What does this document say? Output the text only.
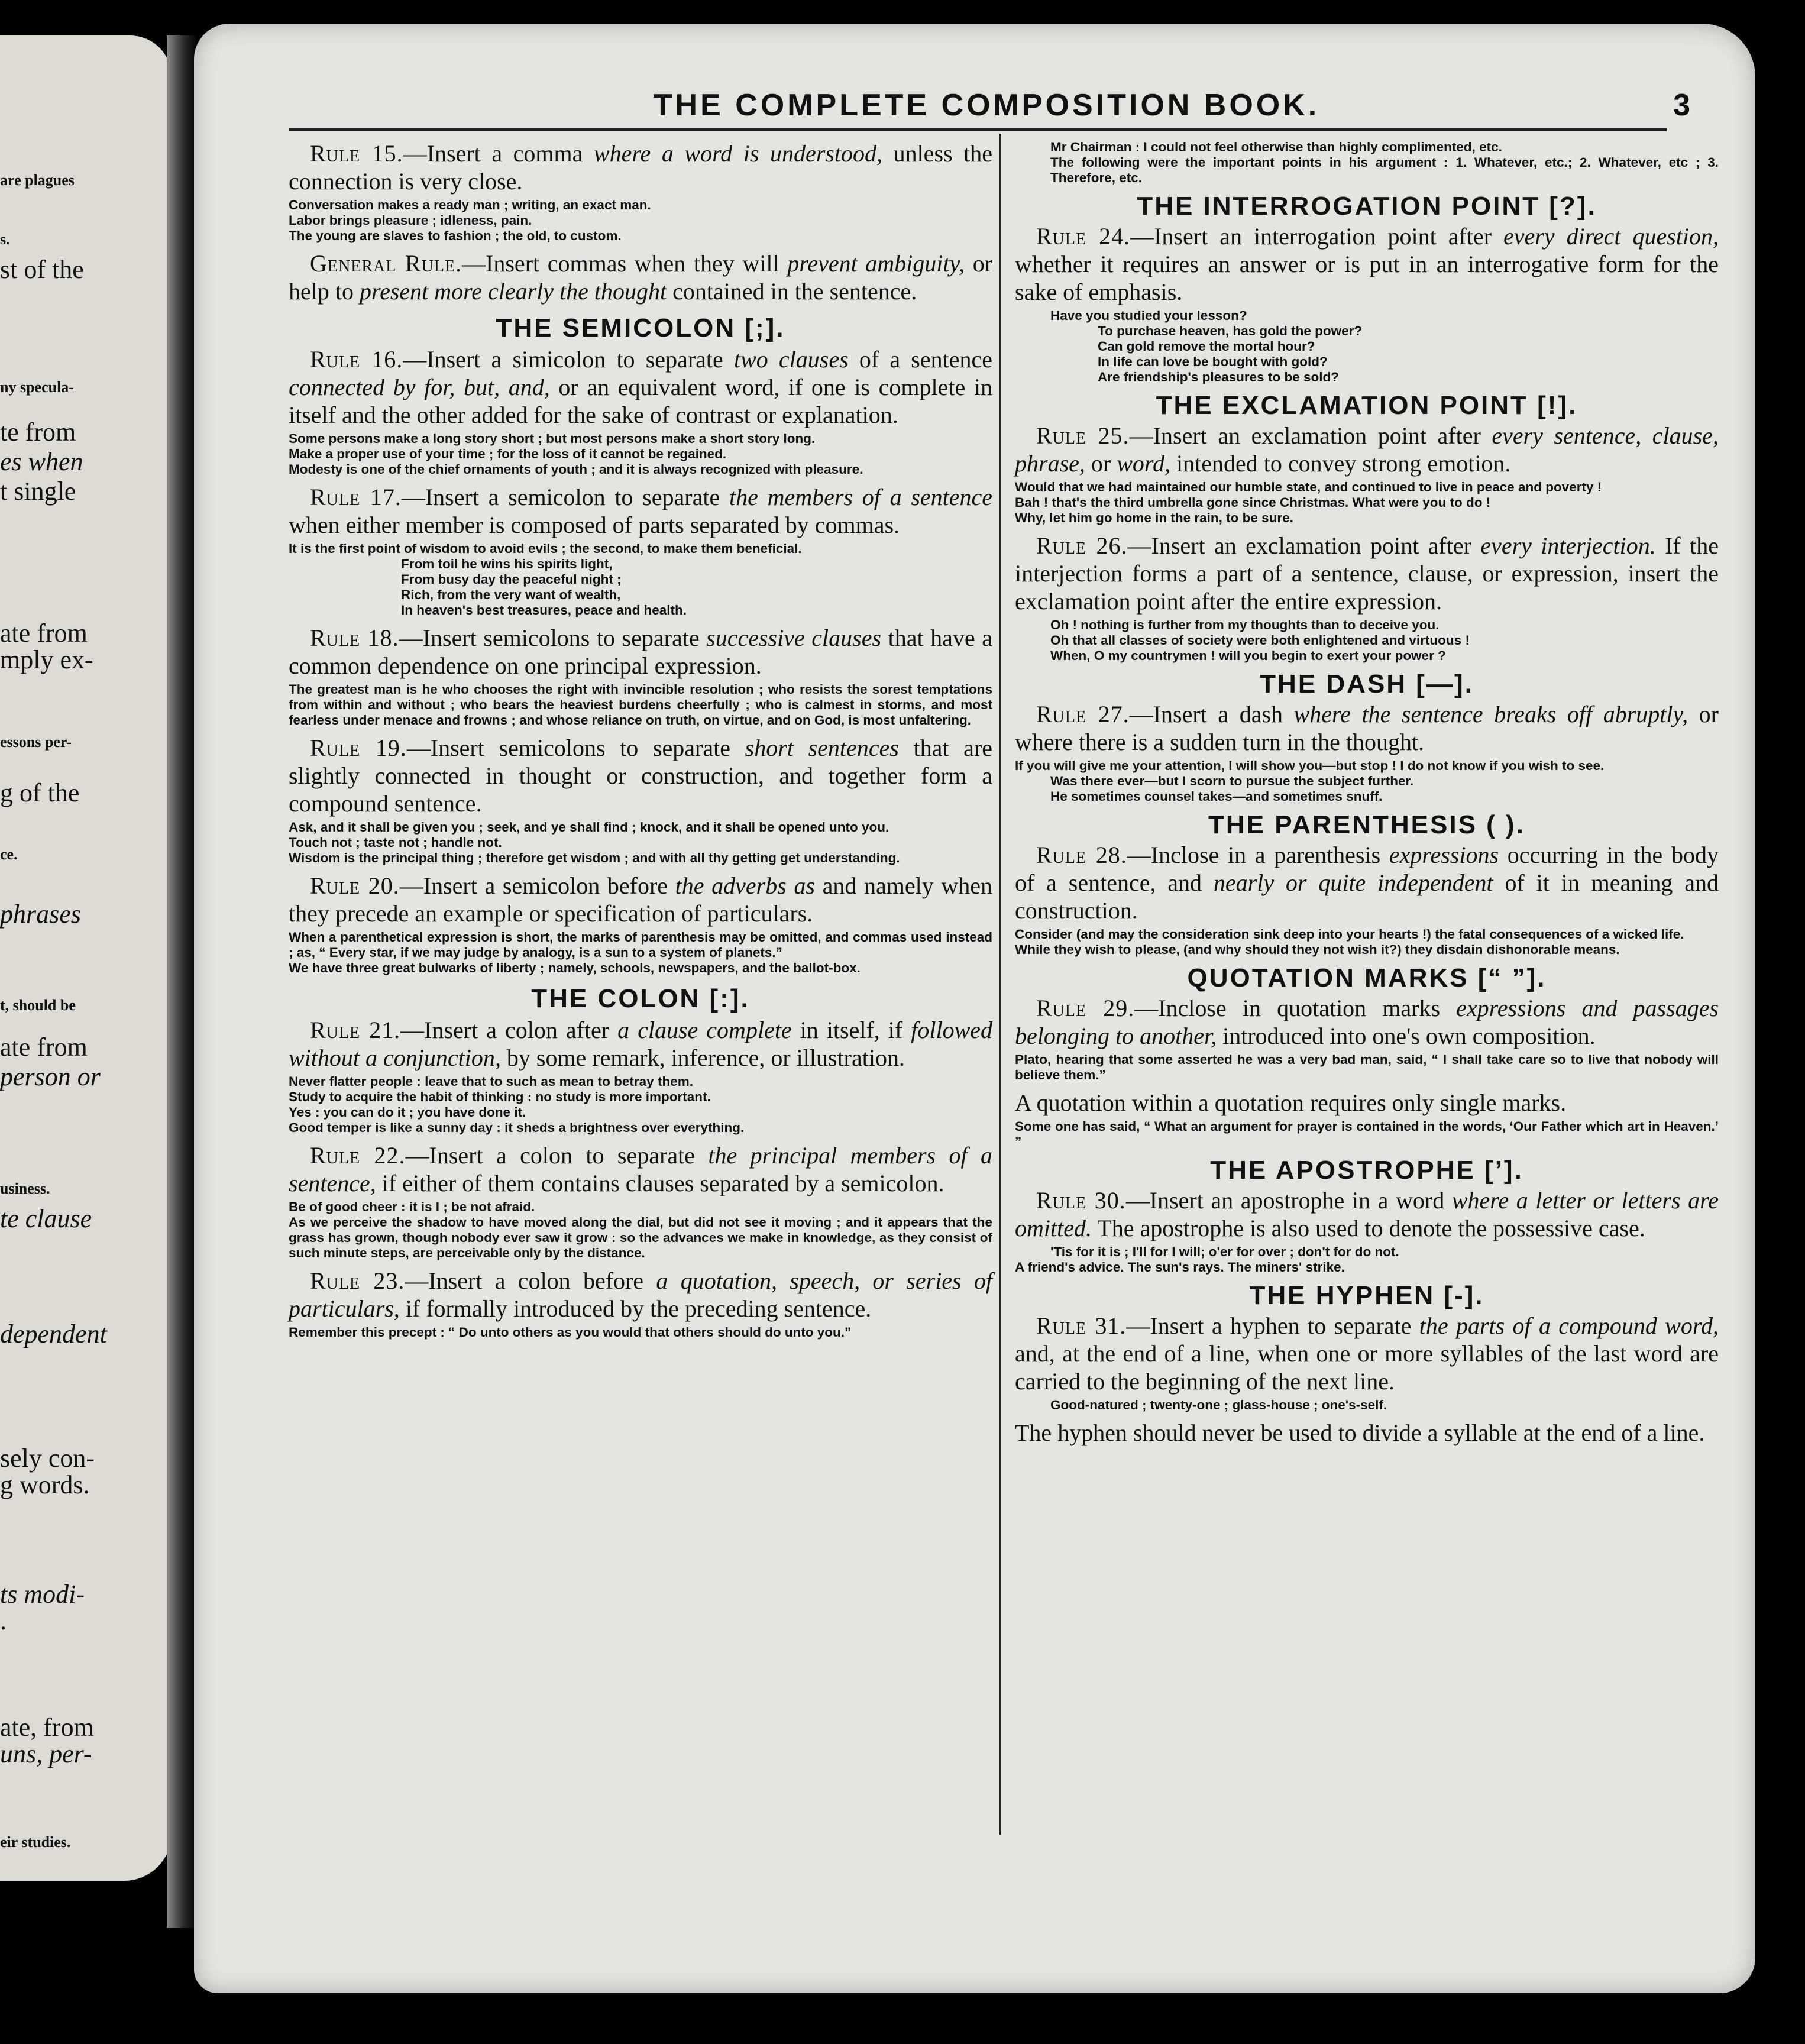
are plagues
s.
st of the
ny specula-
te from
es when
t single
ate from
mply ex-
essons per-
g of the
ce.
phrases
t, should be
ate from
person or
usiness.
te clause
dependent
sely con-
g words.
ts modi-
.
ate, from
uns, per-
eir studies.
THE COMPLETE COMPOSITION BOOK.	3

Rule 15.—Insert a comma where a word is understood, unless the connection is very close.

Conversation makes a ready man ; writing, an exact man.

Labor brings pleasure ; idleness, pain.

The young are slaves to fashion ; the old, to custom.

General Rule.—Insert commas when they will prevent ambiguity, or help to present more clearly the thought contained in the sentence.

THE SEMICOLON [;].

Rule 16.—Insert a simicolon to separate two clauses of a sentence connected by for, but, and, or an equivalent word, if one is complete in itself and the other added for the sake of contrast or explanation.

Some persons make a long story short ; but most persons make a short story long.

Make a proper use of your time ; for the loss of it cannot be regained.

Modesty is one of the chief ornaments of youth ; and it is always recognized with pleasure.

Rule 17.—Insert a semicolon to separate the members of a sentence when either member is composed of parts separated by commas.

It is the first point of wisdom to avoid evils ; the second, to make them beneficial.

From toil he wins his spirits light,

From busy day the peaceful night ;

Rich, from the very want of wealth,

In heaven's best treasures, peace and health.

Rule 18.—Insert semicolons to separate successive clauses that have a common dependence on one principal expression.

The greatest man is he who chooses the right with invincible resolution ; who resists the sorest temptations from within and without ; who bears the heaviest burdens cheerfully ; who is calmest in storms, and most fearless under menace and frowns ; and whose reliance on truth, on virtue, and on God, is most unfaltering.

Rule 19.—Insert semicolons to separate short sentences that are slightly connected in thought or construction, and together form a compound sentence.

Ask, and it shall be given you ; seek, and ye shall find ; knock, and it shall be opened unto you.

Touch not ; taste not ; handle not.

Wisdom is the principal thing ; therefore get wisdom ; and with all thy getting get understanding.

Rule 20.—Insert a semicolon before the adverbs as and namely when they precede an example or specification of particulars.

When a parenthetical expression is short, the marks of parenthesis may be omitted, and commas used instead ; as, “ Every star, if we may judge by analogy, is a sun to a system of planets.”

We have three great bulwarks of liberty ; namely, schools, newspapers, and the ballot-box.

THE COLON [:].

Rule 21.—Insert a colon after a clause complete in itself, if followed without a conjunction, by some remark, inference, or illustration.

Never flatter people : leave that to such as mean to betray them.

Study to acquire the habit of thinking : no study is more important.

Yes : you can do it ; you have done it.

Good temper is like a sunny day : it sheds a brightness over everything.

Rule 22.—Insert a colon to separate the principal members of a sentence, if either of them contains clauses separated by a semicolon.

Be of good cheer : it is I ; be not afraid.

As we perceive the shadow to have moved along the dial, but did not see it moving ; and it appears that the grass has grown, though nobody ever saw it grow : so the advances we make in knowledge, as they consist of such minute steps, are perceivable only by the distance.

Rule 23.—Insert a colon before a quotation, speech, or series of particulars, if formally introduced by the preceding sentence.

Remember this precept : “ Do unto others as you would that others should do unto you.”

Mr Chairman : I could not feel otherwise than highly complimented, etc.

The following were the important points in his argument : 1. Whatever, etc.; 2. Whatever, etc ; 3. Therefore, etc.

THE INTERROGATION POINT [?].

Rule 24.—Insert an interrogation point after every direct question, whether it requires an answer or is put in an interrogative form for the sake of emphasis.

Have you studied your lesson?

To purchase heaven, has gold the power?

Can gold remove the mortal hour?

In life can love be bought with gold?

Are friendship's pleasures to be sold?

THE EXCLAMATION POINT [!].

Rule 25.—Insert an exclamation point after every sentence, clause, phrase, or word, intended to convey strong emotion.

Would that we had maintained our humble state, and continued to live in peace and poverty !

Bah ! that's the third umbrella gone since Christmas. What were you to do !

Why, let him go home in the rain, to be sure.

Rule 26.—Insert an exclamation point after every interjection. If the interjection forms a part of a sentence, clause, or expression, insert the exclamation point after the entire expression.

Oh ! nothing is further from my thoughts than to deceive you.

Oh that all classes of society were both enlightened and virtuous !

When, O my countrymen ! will you begin to exert your power ?

THE DASH [—].

Rule 27.—Insert a dash where the sentence breaks off abruptly, or where there is a sudden turn in the thought.

If you will give me your attention, I will show you—but stop ! I do not know if you wish to see.

Was there ever—but I scorn to pursue the subject further.

He sometimes counsel takes—and sometimes snuff.

THE PARENTHESIS ( ).

Rule 28.—Inclose in a parenthesis expressions occurring in the body of a sentence, and nearly or quite independent of it in meaning and construction.

Consider (and may the consideration sink deep into your hearts !) the fatal consequences of a wicked life.

While they wish to please, (and why should they not wish it?) they disdain dishonorable means.

QUOTATION MARKS [“ ”].

Rule 29.—Inclose in quotation marks expressions and passages belonging to another, introduced into one's own composition.

Plato, hearing that some asserted he was a very bad man, said, “ I shall take care so to live that nobody will believe them.”

A quotation within a quotation requires only single marks.

Some one has said, “ What an argument for prayer is contained in the words, ‘Our Father which art in Heaven.’ ”

THE APOSTROPHE [’].

Rule 30.—Insert an apostrophe in a word where a letter or letters are omitted. The apostrophe is also used to denote the possessive case.

'Tis for it is ; I'll for I will; o'er for over ; don't for do not.

A friend's advice. The sun's rays. The miners' strike.

THE HYPHEN [-].

Rule 31.—Insert a hyphen to separate the parts of a compound word, and, at the end of a line, when one or more syllables of the last word are carried to the beginning of the next line.

Good-natured ; twenty-one ; glass-house ; one's-self.

The hyphen should never be used to divide a syllable at the end of a line.
